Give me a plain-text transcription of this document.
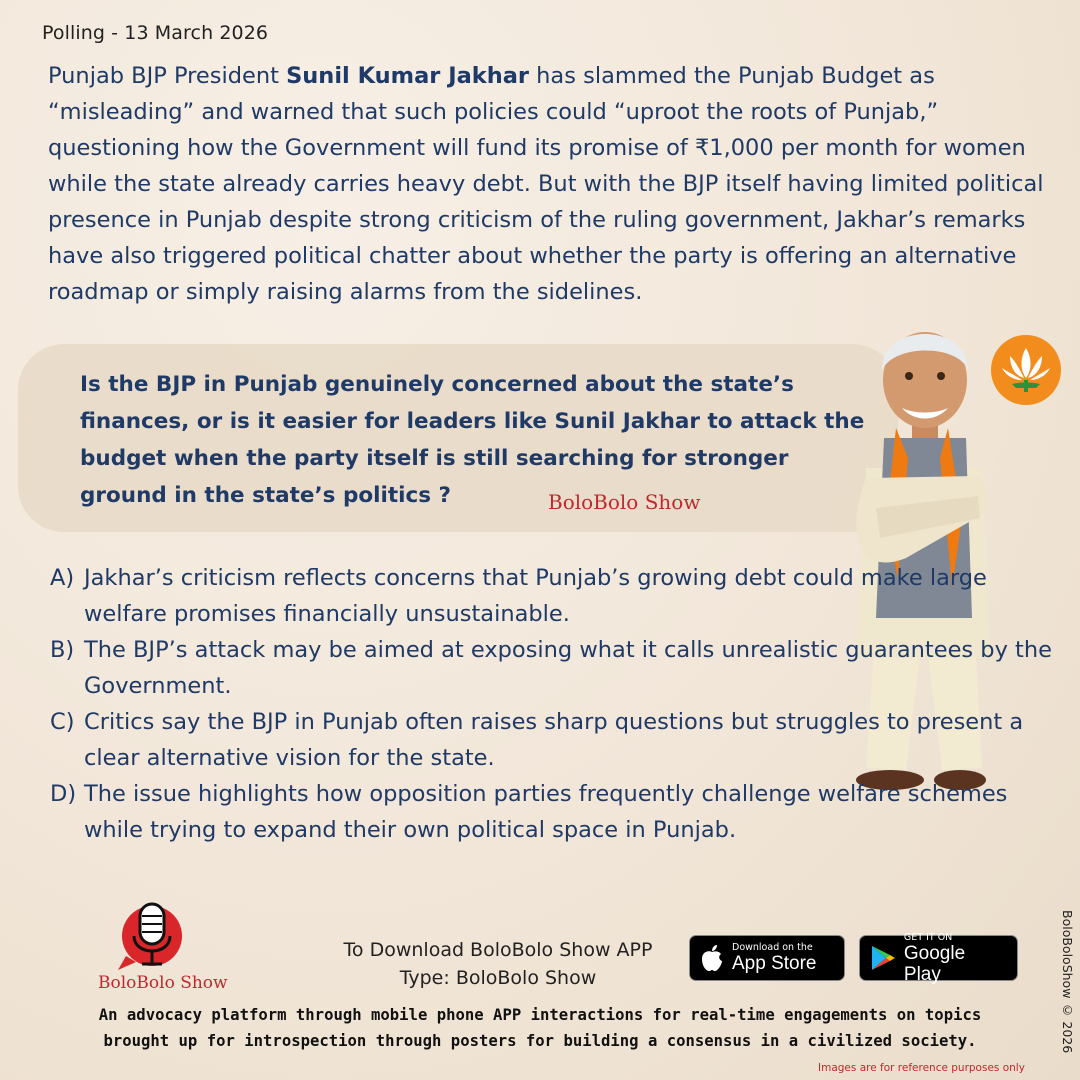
Polling - 13 March 2026
Punjab BJP President Sunil Kumar Jakhar has slammed the Punjab Budget as “misleading” and warned that such policies could “uproot the roots of Punjab,” questioning how the Government will fund its promise of ₹1,000 per month for women while the state already carries heavy debt. But with the BJP itself having limited political presence in Punjab despite strong criticism of the ruling government, Jakhar’s remarks have also triggered political chatter about whether the party is offering an alternative roadmap or simply raising alarms from the sidelines.
Is the BJP in Punjab genuinely concerned about the state’s finances, or is it easier for leaders like Sunil Jakhar to attack the budget when the party itself is still searching for stronger ground in the state’s politics ?	BoloBolo Show
A) Jakhar’s criticism reflects concerns that Punjab’s growing debt could make large welfare promises financially unsustainable.
B) The BJP’s attack may be aimed at exposing what it calls unrealistic guarantees by the Government.
C) Critics say the BJP in Punjab often raises sharp questions but struggles to present a clear alternative vision for the state.
D) The issue highlights how opposition parties frequently challenge welfare schemes while trying to expand their own political space in Punjab.
BoloBolo Show
To Download BoloBolo Show APP
Type: BoloBolo Show
Download on the
App Store
GET IT ON
Google Play
An advocacy platform through mobile phone APP interactions for real-time engagements on topics
brought up for introspection through posters for building a consensus in a civilized society.
Images are for reference purposes only
BoloBoloShow © 2026
